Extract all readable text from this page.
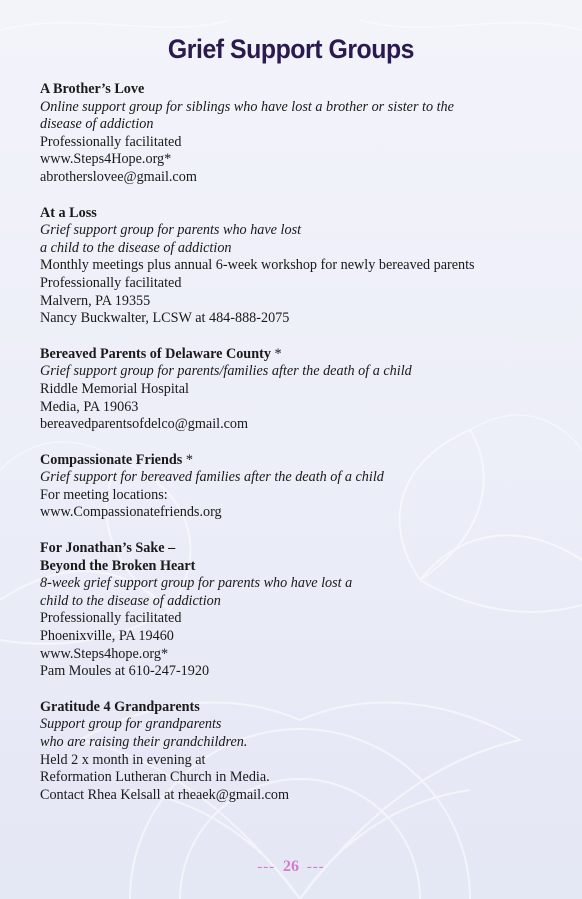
Grief Support Groups
A Brother’s Love
Online support group for siblings who have lost a brother or sister to the
disease of addiction
Professionally facilitated
www.Steps4Hope.org*
abrotherslovee@gmail.com
At a Loss
Grief support group for parents who have lost
a child to the disease of addiction
Monthly meetings plus annual 6-week workshop for newly bereaved parents
Professionally facilitated
Malvern, PA 19355
Nancy Buckwalter, LCSW at 484-888-2075
Bereaved Parents of Delaware County *
Grief support group for parents/families after the death of a child
Riddle Memorial Hospital
Media, PA 19063
bereavedparentsofdelco@gmail.com
Compassionate Friends *
Grief support for bereaved families after the death of a child
For meeting locations:
www.Compassionatefriends.org
For Jonathan’s Sake –
Beyond the Broken Heart
8-week grief support group for parents who have lost a
child to the disease of addiction
Professionally facilitated
Phoenixville, PA 19460
www.Steps4hope.org*
Pam Moules at 610-247-1920
Gratitude 4 Grandparents
Support group for grandparents
who are raising their grandchildren.
Held 2 x month in evening at
Reformation Lutheran Church in Media.
Contact Rhea Kelsall at rheaek@gmail.com
--- 26 ---
